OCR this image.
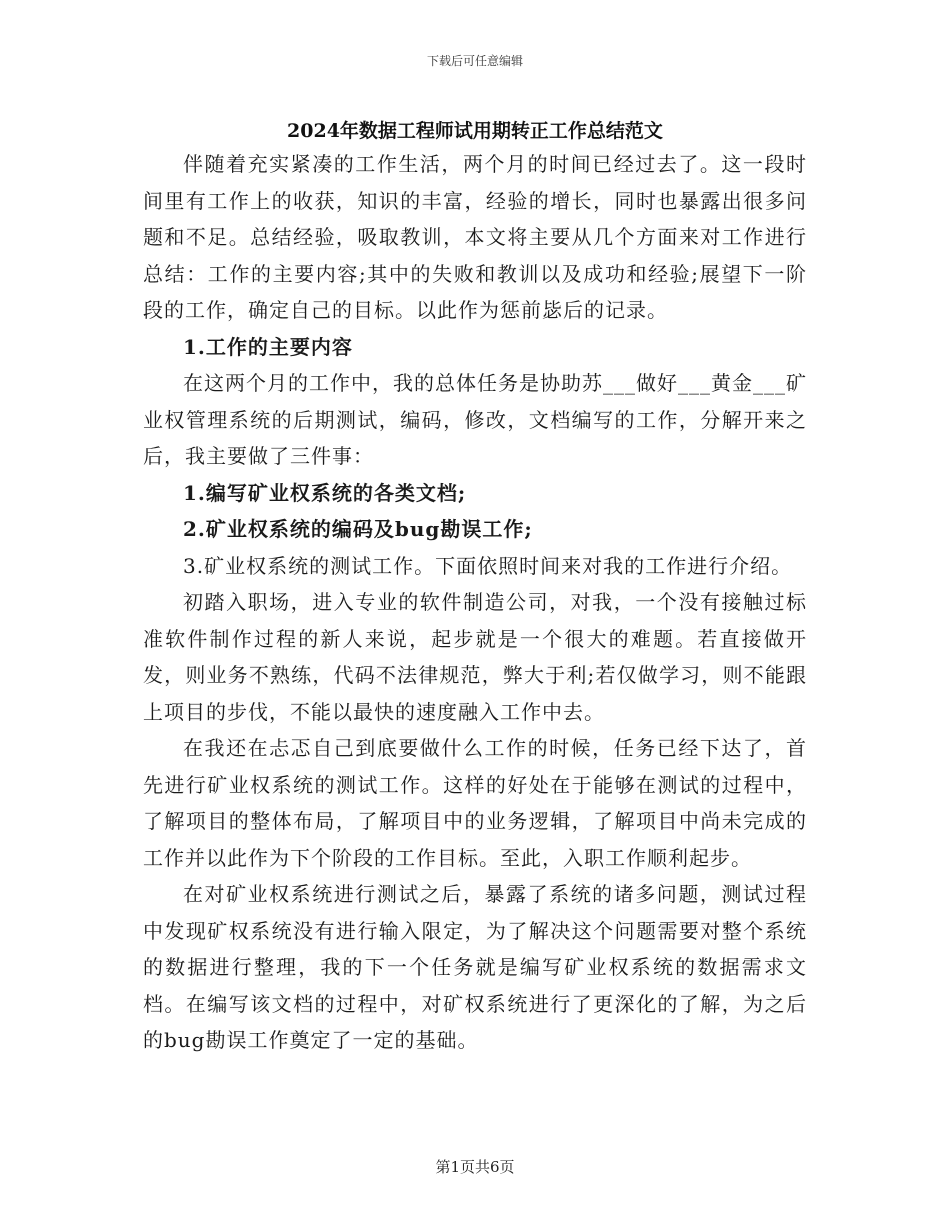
下载后可任意编辑
2024年数据工程师试用期转正工作总结范文

伴随着充实紧凑的工作生活，两个月的时间已经过去了。这一段时间里有工作上的收获，知识的丰富，经验的增长，同时也暴露出很多问题和不足。总结经验，吸取教训，本文将主要从几个方面来对工作进行总结：工作的主要内容;其中的失败和教训以及成功和经验;展望下一阶段的工作，确定自己的目标。以此作为惩前毖后的记录。

1.工作的主要内容

在这两个月的工作中，我的总体任务是协助苏___做好___黄金___矿业权管理系统的后期测试，编码，修改，文档编写的工作，分解开来之后，我主要做了三件事：

1.编写矿业权系统的各类文档;

2.矿业权系统的编码及bug勘误工作;

3.矿业权系统的测试工作。下面依照时间来对我的工作进行介绍。

初踏入职场，进入专业的软件制造公司，对我，一个没有接触过标准软件制作过程的新人来说，起步就是一个很大的难题。若直接做开发，则业务不熟练，代码不法律规范，弊大于利;若仅做学习，则不能跟上项目的步伐，不能以最快的速度融入工作中去。

在我还在忐忑自己到底要做什么工作的时候，任务已经下达了，首先进行矿业权系统的测试工作。这样的好处在于能够在测试的过程中，了解项目的整体布局，了解项目中的业务逻辑，了解项目中尚未完成的工作并以此作为下个阶段的工作目标。至此，入职工作顺利起步。

在对矿业权系统进行测试之后，暴露了系统的诸多问题，测试过程中发现矿权系统没有进行输入限定，为了解决这个问题需要对整个系统的数据进行整理，我的下一个任务就是编写矿业权系统的数据需求文档。在编写该文档的过程中，对矿权系统进行了更深化的了解，为之后的bug勘误工作奠定了一定的基础。

第1页共6页
